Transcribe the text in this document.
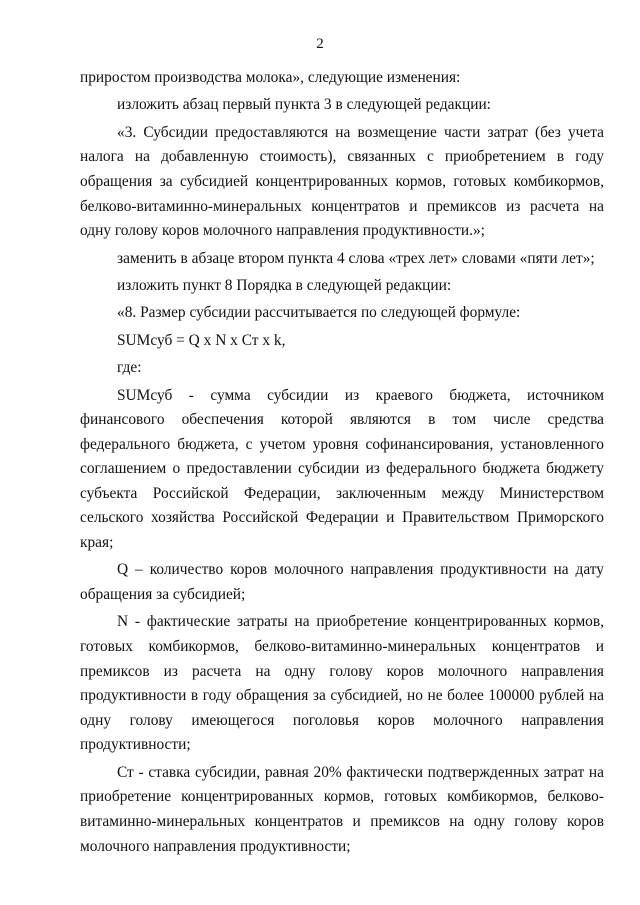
2

приростом производства молока», следующие изменения:

изложить абзац первый пункта 3 в следующей редакции:

«3. Субсидии предоставляются на возмещение части затрат (без учета налога на добавленную стоимость), связанных с приобретением в году обращения за субсидией концентрированных кормов, готовых комбикормов, белково-витаминно-минеральных концентратов и премиксов из расчета на одну голову коров молочного направления продуктивности.»;

заменить в абзаце втором пункта 4 слова «трех лет» словами «пяти лет»;

изложить пункт 8 Порядка в следующей редакции:

«8. Размер субсидии рассчитывается по следующей формуле:

SUMсуб = Q x N x Ст x k,

где:

SUMсуб - сумма субсидии из краевого бюджета, источником финансового обеспечения которой являются в том числе средства федерального бюджета, с учетом уровня софинансирования, установленного соглашением о предоставлении субсидии из федерального бюджета бюджету субъекта Российской Федерации, заключенным между Министерством сельского хозяйства Российской Федерации и Правительством Приморского края;

Q – количество коров молочного направления продуктивности на дату обращения за субсидией;

N - фактические затраты на приобретение концентрированных кормов, готовых комбикормов, белково-витаминно-минеральных концентратов и премиксов из расчета на одну голову коров молочного направления продуктивности в году обращения за субсидией, но не более 100000 рублей на одну голову имеющегося поголовья коров молочного направления продуктивности;

Ст - ставка субсидии, равная 20% фактически подтвержденных затрат на приобретение концентрированных кормов, готовых комбикормов, белково-витаминно-минеральных концентратов и премиксов на одну голову коров молочного направления продуктивности;
